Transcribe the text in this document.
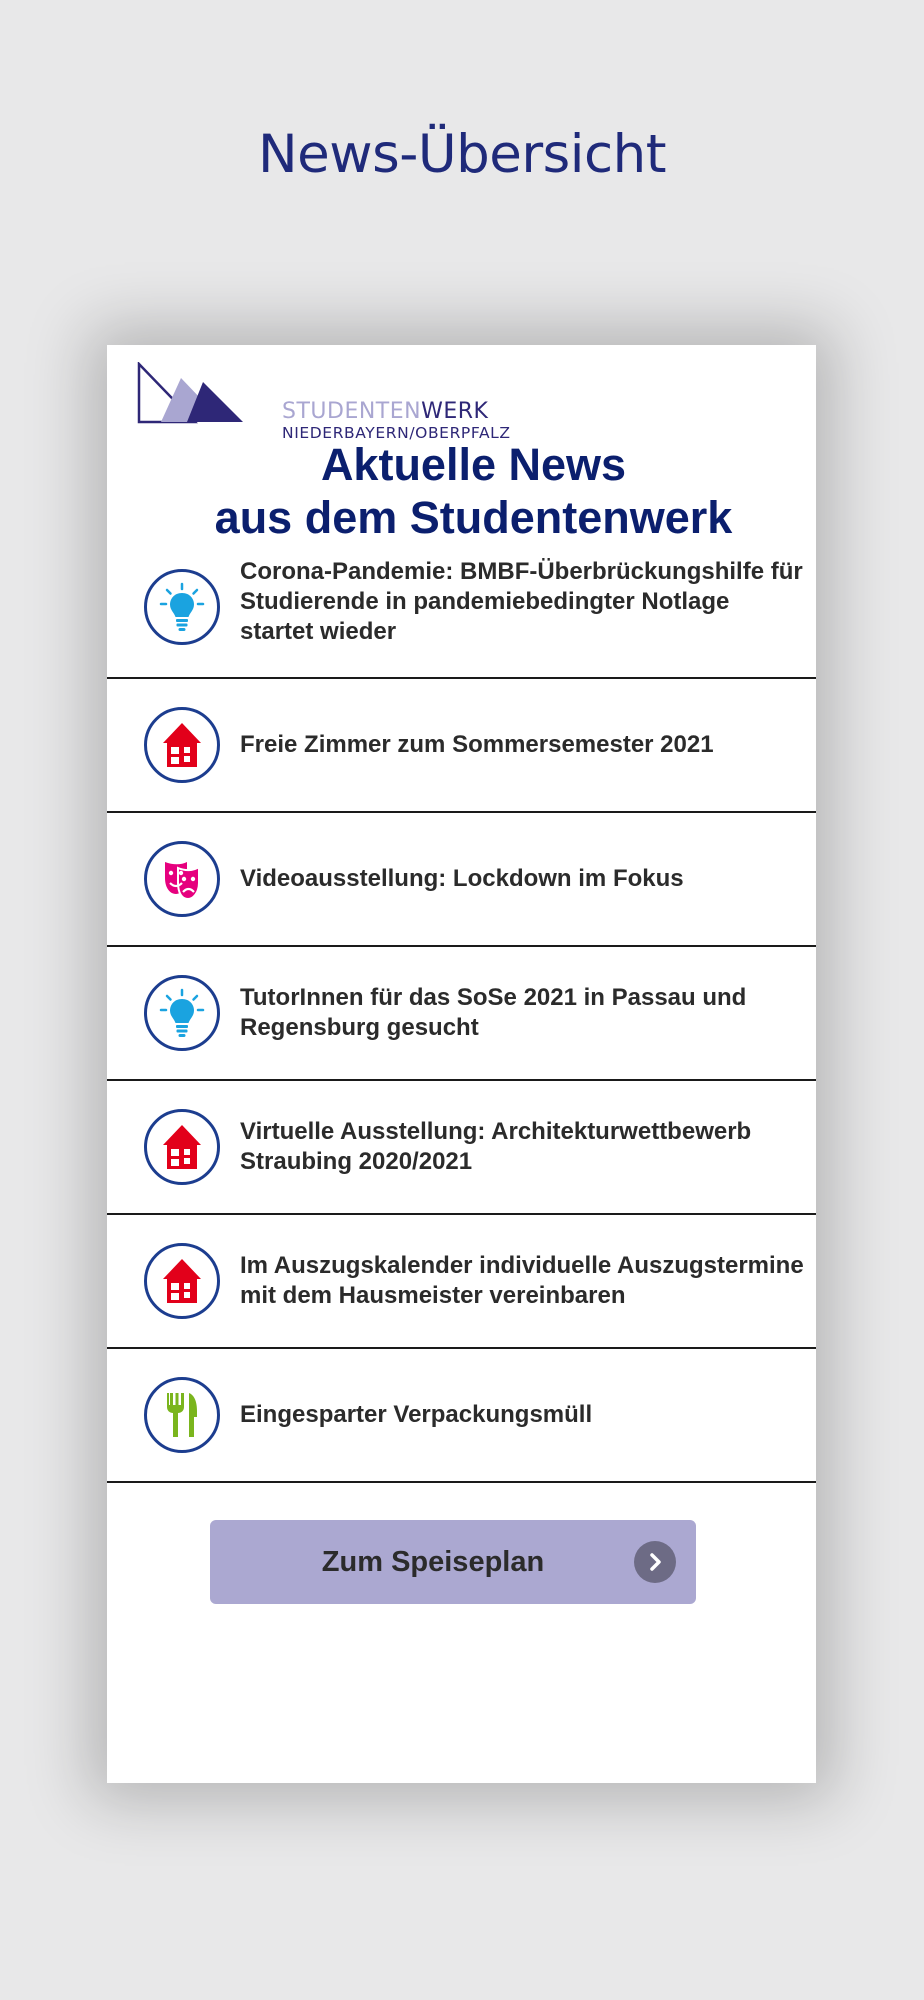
News-Übersicht
STUDENTENWERK
NIEDERBAYERN/OBERPFALZ
Aktuelle News
aus dem Studentenwerk
Corona-Pandemie: BMBF-Überbrückungshilfe für Studierende in pandemiebedingter Notlage startet wieder
Freie Zimmer zum Sommersemester 2021
Videoausstellung: Lockdown im Fokus
TutorInnen für das SoSe 2021 in Passau und Regensburg gesucht
Virtuelle Ausstellung: Architekturwettbewerb Straubing 2020/2021
Im Auszugskalender individuelle Auszugstermine mit dem Hausmeister vereinbaren
Eingesparter Verpackungsmüll
Zum Speiseplan
